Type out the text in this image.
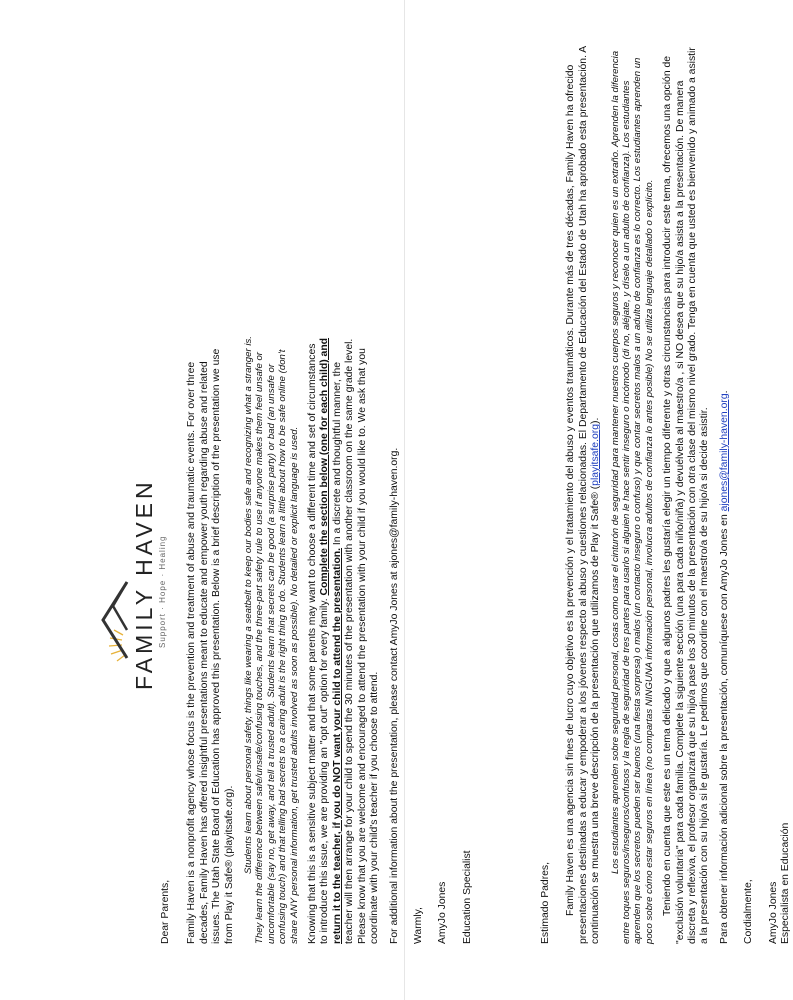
FAMILY HAVEN Support · Hope · Healing

Dear Parents, Family Haven is a nonprofit agency whose focus is the prevention and treatment of abuse and traumatic events. For over three decades, Family Haven has offered insightful presentations meant to educate and empower youth regarding abuse and related issues. The Utah State Board of Education has approved this presentation. Below is a brief description of the presentation we use from Play it Safe® (playitsafe.org). Students learn about personal safety, things like wearing a seatbelt to keep our bodies safe and recognizing what a stranger is. They learn the difference between safe/unsafe/confusing touches, and the three-part safety rule to use if anyone makes them feel unsafe or uncomfortable (say no, get away, and tell a trusted adult). Students learn that secrets can be good (a surprise party) or bad (an unsafe or confusing touch) and that telling bad secrets to a caring adult is the right thing to do. Students learn a little about how to be safe online (don't share ANY personal information, get trusted adults involved as soon as possible). No detailed or explicit language is used. Knowing that this is a sensitive subject matter and that some parents may want to choose a different time and set of circumstances to introduce this issue, we are providing an "opt out" option for every family. Complete the section below (one for each child) and return it to the teacher, if you do NOT want your child to attend the presentation. In a discrete and thoughtful manner, the teacher will then arrange for your child to spend the 30 minutes of the presentation with another classroom on the same grade level. Please know that you are welcome and encouraged to attend the presentation with your child if you would like to. We ask that you coordinate with your child's teacher if you choose to attend. For additional information about the presentation, please contact AmyJo Jones at ajones@family-haven.org. Warmly, AmyJo Jones Education Specialist	Estimado Padres, Family Haven es una agencia sin fines de lucro cuyo objetivo es la prevención y el tratamiento del abuso y eventos traumáticos. Durante más de tres décadas, Family Haven ha ofrecido presentaciones destinadas a educar y empoderar a los jóvenes respecto al abuso y cuestiones relacionadas. El Departamento de Educación del Estado de Utah ha aprobado esta presentación. A continuación se muestra una breve descripción de la presentación que utilizamos de Play it Safe® (playitsafe.org). Los estudiantes aprenden sobre seguridad personal, cosas como usar el cinturón de seguridad para mantener nuestros cuerpos seguros y reconocer quien es un extraño. Aprenden la diferencia entre toques seguros/inseguros/confusos y la regla de seguridad de tres partes para usarlo si alguien le hace sentir inseguro o incómodo (di no, aléjate, y díselo a un adulto de confianza). Los estudiantes aprenden que los secretos pueden ser buenos (una fiesta sorpresa) o malos (un contacto inseguro o confuso) y que contar secretos malos a un adulto de confianza es lo correcto. Los estudiantes aprenden un poco sobre cómo estar seguros en línea (no compartas NINGUNA información personal, involucra adultos de confianza lo antes posible) No se utiliza lenguaje detallado o explícito. Teniendo en cuenta que este es un tema delicado y que a algunos padres les gustaría elegir un tiempo diferente y otras circunstancias para introducir este tema, ofrecemos una opción de "exclusión voluntaria" para cada familia. Complete la siguiente sección (una para cada niño/niña) y devuélvela al maestro/a , si NO desea que su hijo/a asista a la presentación. De manera discreta y reflexiva, el profesor organizará que su hijo/a pase los 30 minutos de la presentación con otra clase del mismo nivel grado. Tenga en cuenta que usted es bienvenido y animado a asistir a la presentación con su hijo/a si le gustaría. Le pedimos que coordine con el maestro/a de su hijo/a si decide asistir. Para obtener información adicional sobre la presentación, comuníquese con AmyJo Jones en ajones@family-haven.org.

Cordialmente, AmyJo Jones Especialista en Educación
